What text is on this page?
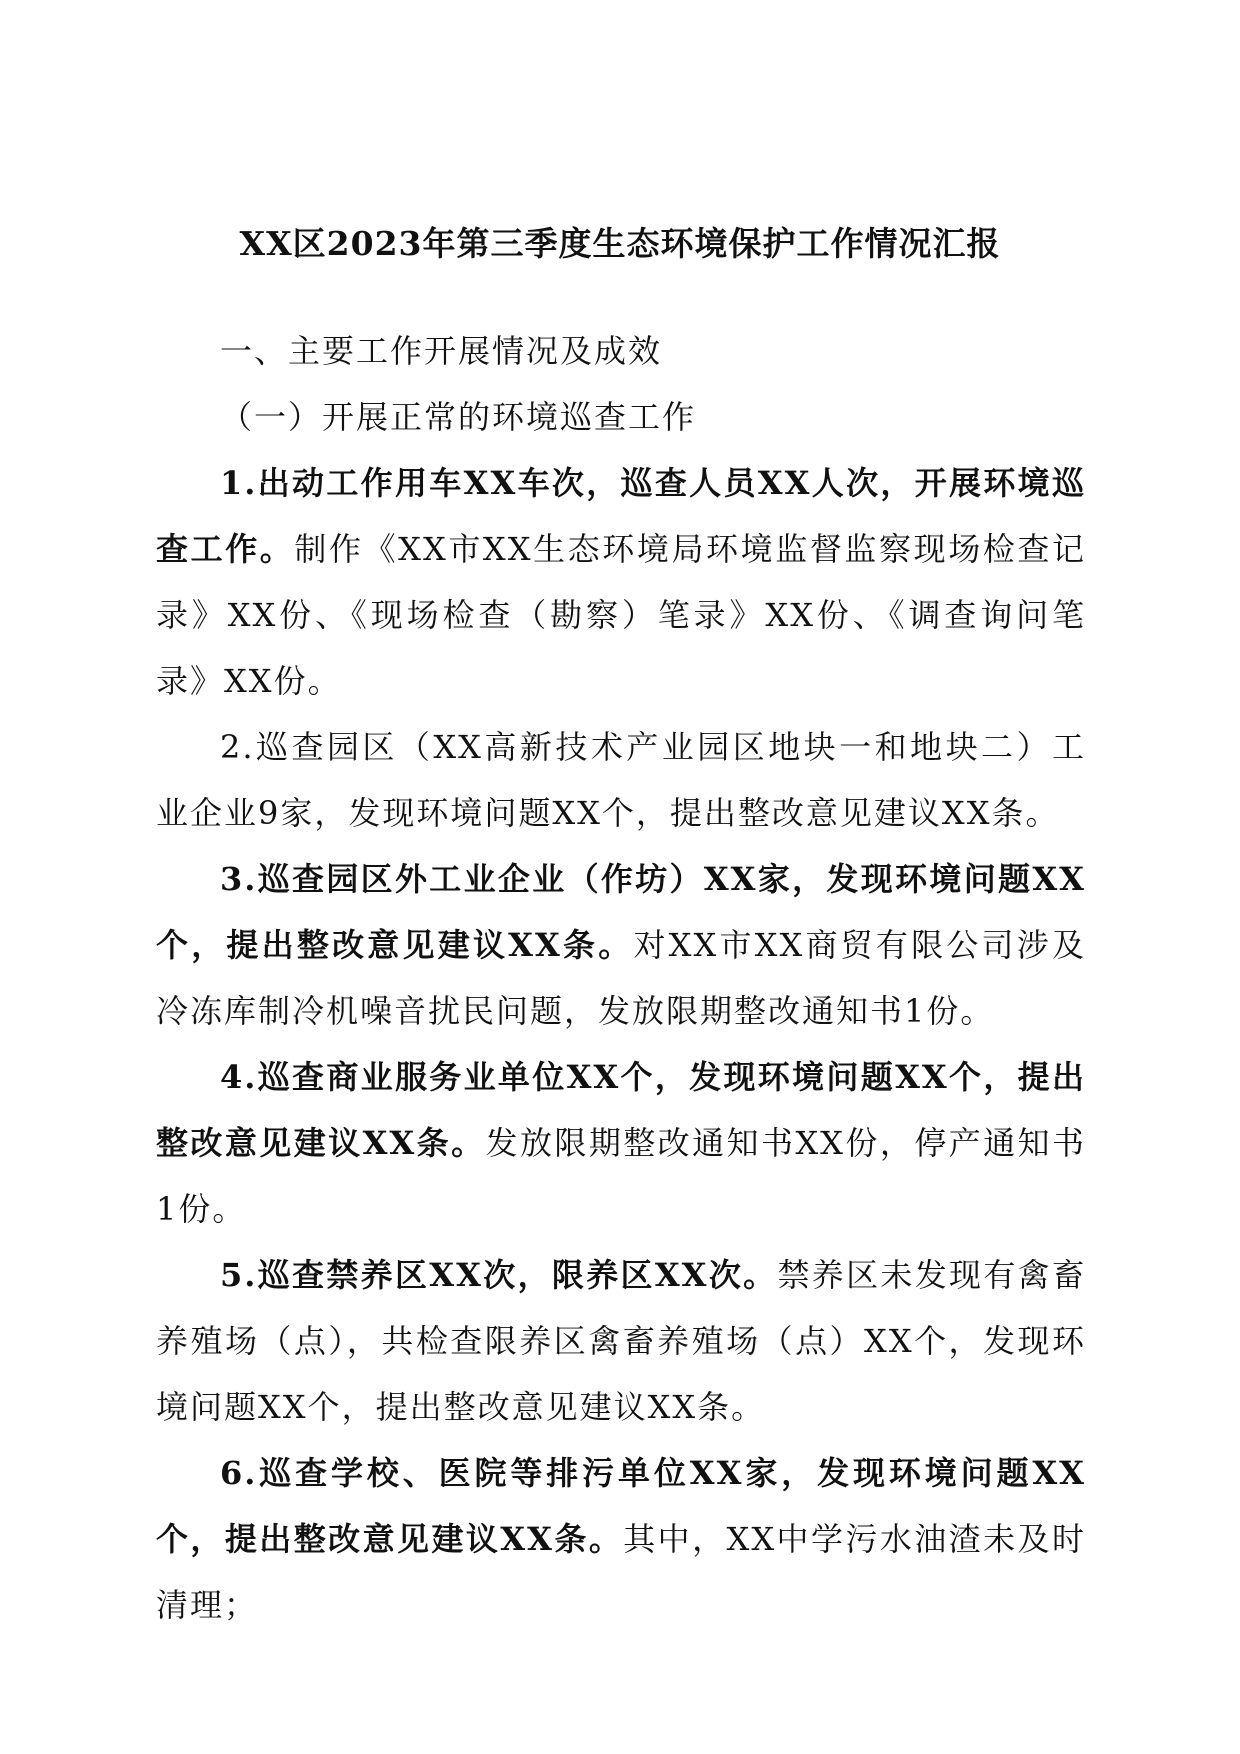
XX区2023年第三季度生态环境保护工作情况汇报

一、主要工作开展情况及成效

（一）开展正常的环境巡查工作

1.出动工作用车XX车次，巡查人员XX人次，开展环境巡查工作。制作《XX市XX生态环境局环境监督监察现场检查记录》XX份、《现场检查（勘察）笔录》XX份、《调查询问笔录》XX份。

2.巡查园区（XX高新技术产业园区地块一和地块二）工业企业9家，发现环境问题XX个，提出整改意见建议XX条。

3.巡查园区外工业企业（作坊）XX家，发现环境问题XX个，提出整改意见建议XX条。对XX市XX商贸有限公司涉及冷冻库制冷机噪音扰民问题，发放限期整改通知书1份。

4.巡查商业服务业单位XX个，发现环境问题XX个，提出整改意见建议XX条。发放限期整改通知书XX份，停产通知书1份。

5.巡查禁养区XX次，限养区XX次。禁养区未发现有禽畜养殖场（点），共检查限养区禽畜养殖场（点）XX个，发现环境问题XX个，提出整改意见建议XX条。

6.巡查学校、医院等排污单位XX家，发现环境问题XX个，提出整改意见建议XX条。其中，XX中学污水油渣未及时清理；
